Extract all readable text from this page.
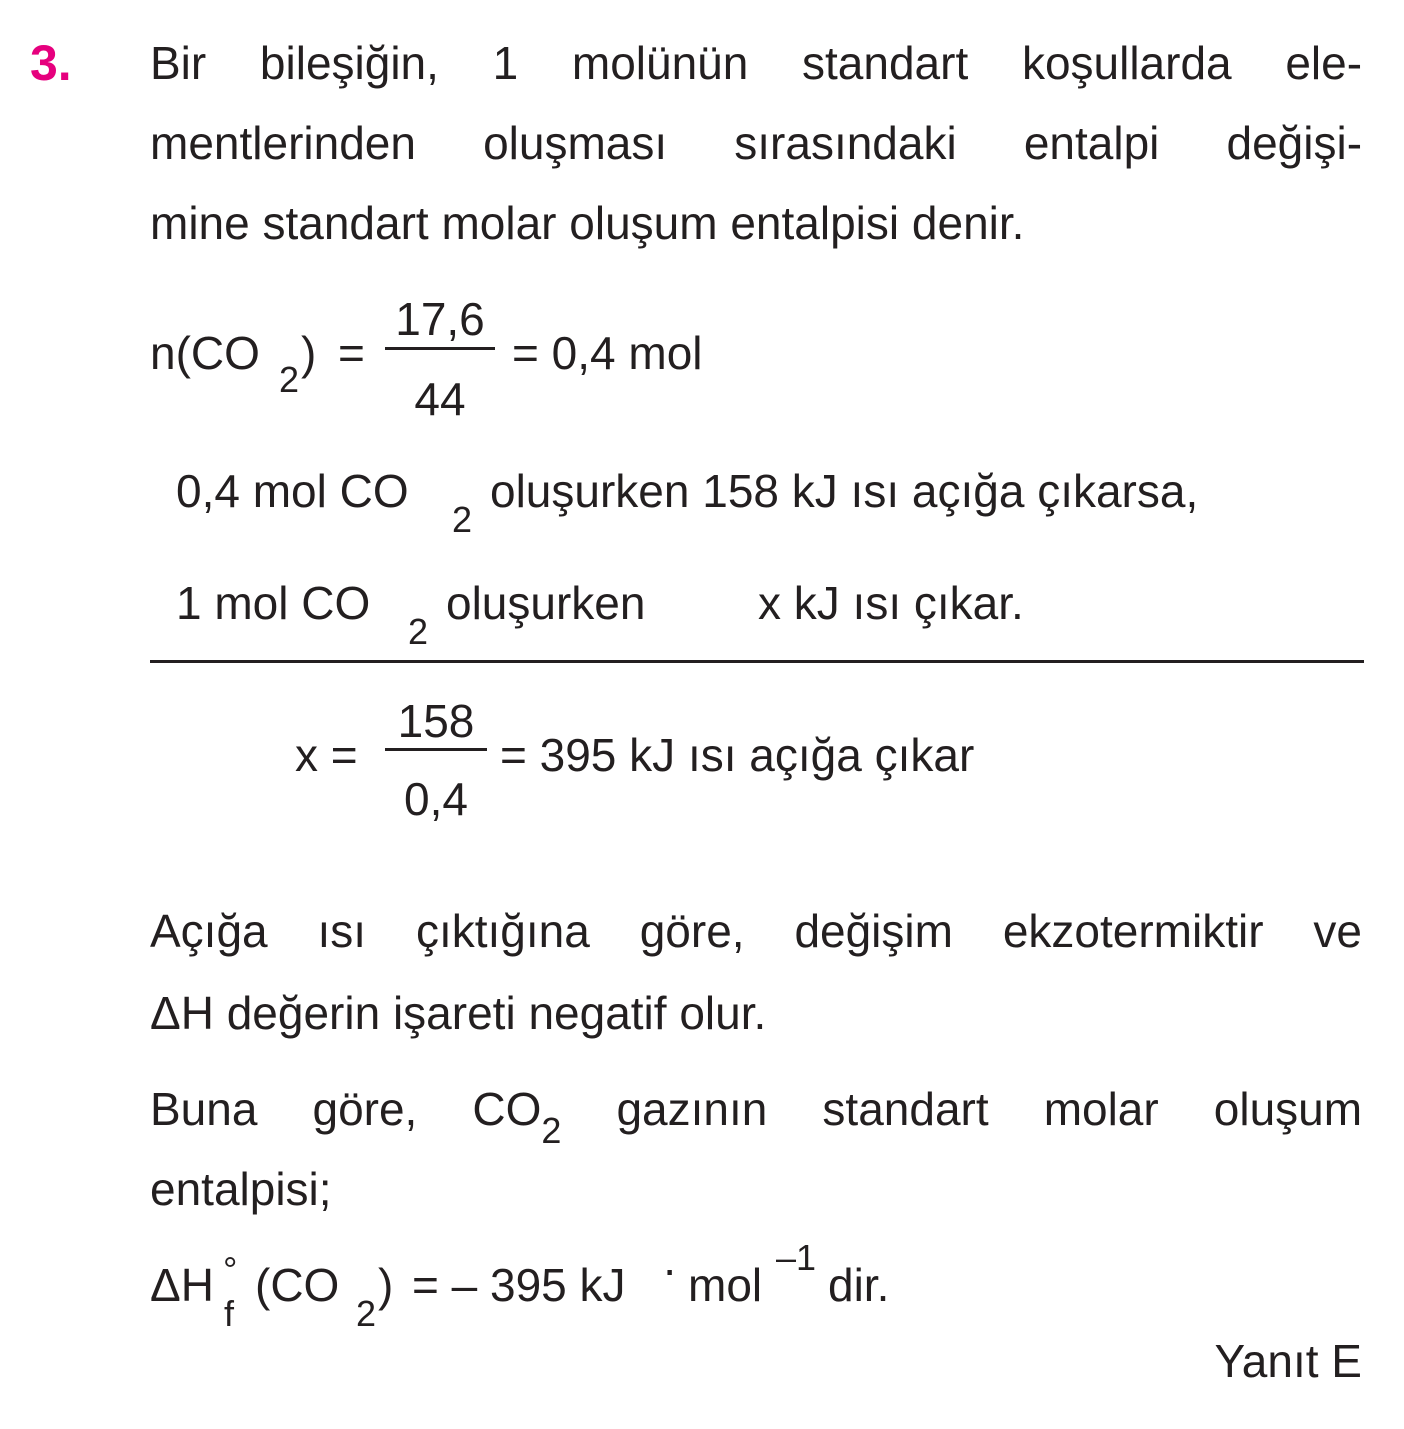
3. Bir bileşiğin, 1 molünün standart koşullarda ele-
mentlerinden oluşması sırasındaki entalpi değişi-
mine standart molar oluşum entalpisi denir.
n(CO
2
) =
17,6
44
= 0,4 mol
0,4 mol CO
2
oluşurken 158 kJ ısı açığa çıkarsa,
1 mol CO
2
oluşurken x kJ ısı çıkar.
x =
158
0,4
= 395 kJ ısı açığa çıkar
Açığa ısı çıktığına göre, değişim ekzotermiktir ve
ΔH değerin işareti negatif olur.
Buna göre, $CO_2$ gazının standart molar oluşum
entalpisi;
ΔH °
f
(CO
2
) = – 395 kJ · mol
–1
dir.
Yanıt E
